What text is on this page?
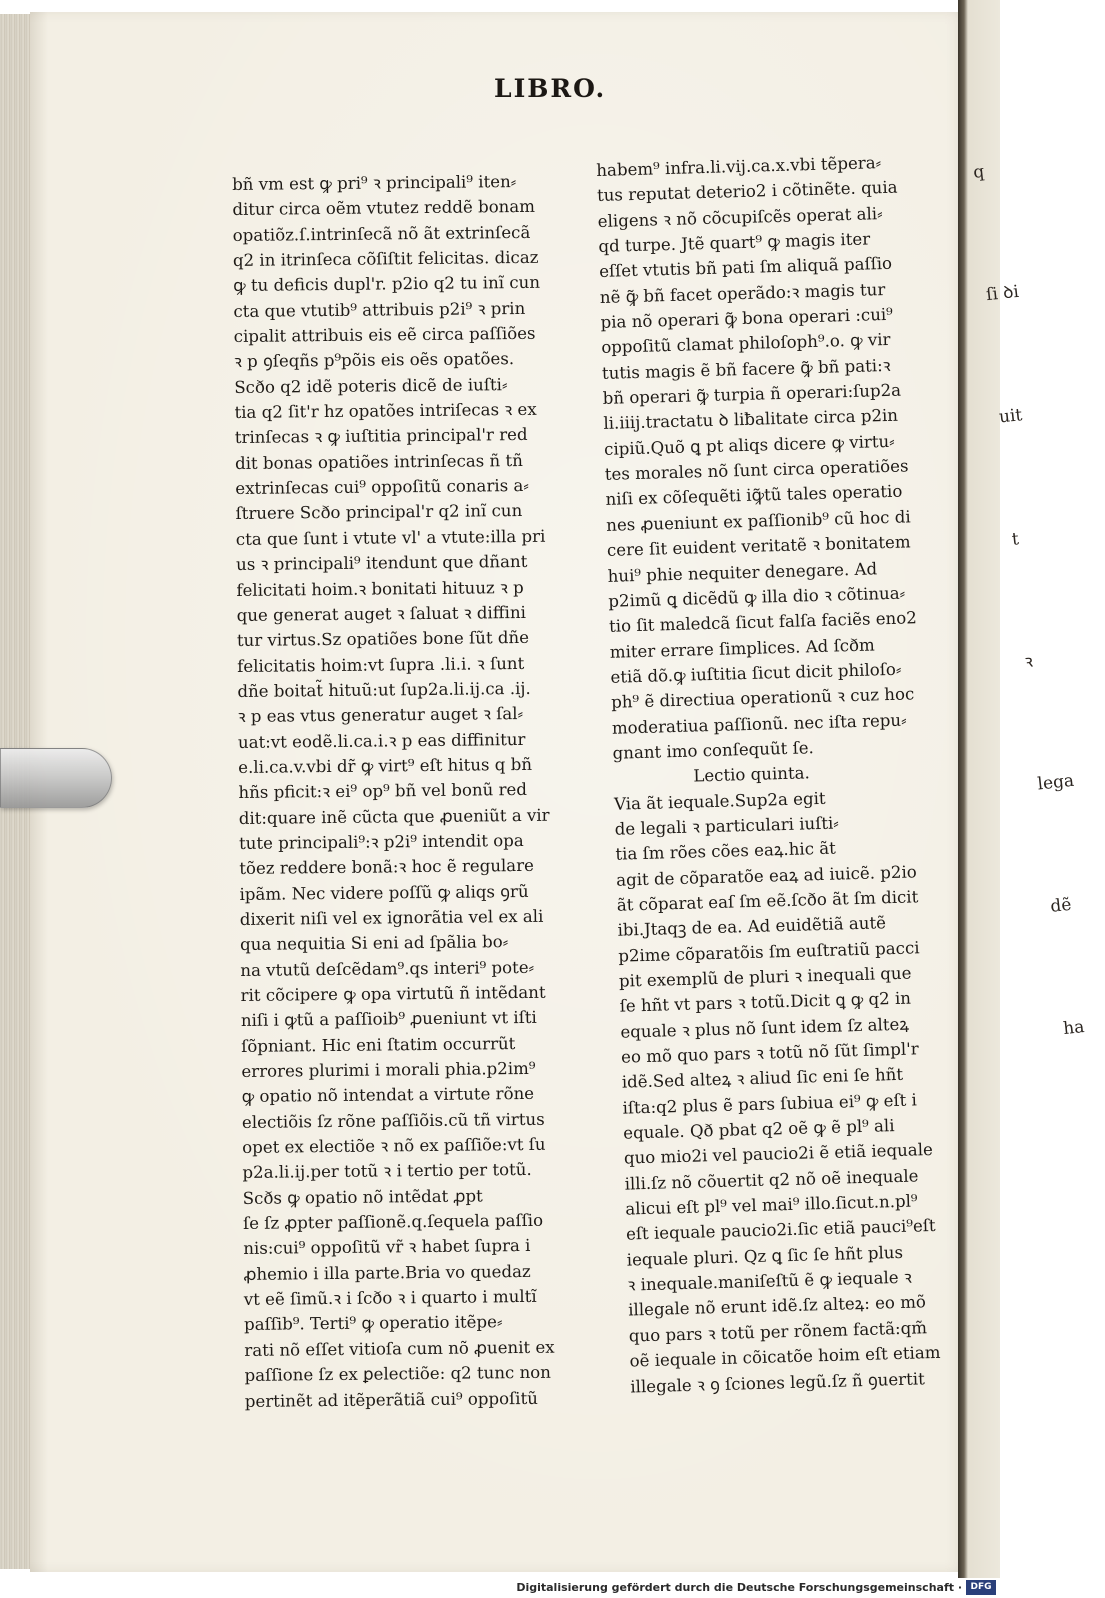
LIBRO.
bñ vm est ꝙ pri⁹ ꝛ principali⁹ iten⸗
ditur circa oẽm vtutez reddẽ bonam
opatiõz.ſ.intrinſecã nõ ãt extrinſecã
q2 in itrinſeca cõſiſtit felicitas. dicaz
ꝙ tu deficis dupl'r. p2io q2 tu inĩ cun
cta que vtutib⁹ attribuis p2i⁹ ꝛ prin
cipalit attribuis eis eẽ circa paſſiões
ꝛ p ꝯſeqñs p⁹põis eis oẽs opatões.
Scðo q2 idẽ poteris dicẽ de iuſti⸗
tia q2 ſit'r hz opatões intriſecas ꝛ ex
trinſecas ꝛ ꝙ iuſtitia principal'r red
dit bonas opatiões intrinſecas ñ tñ
extrinſecas cui⁹ oppoſitũ conaris a⸗
ſtruere Scðo principal'r q2 inĩ cun
cta que ſunt i vtute vl' a vtute:illa pri
us ꝛ principali⁹ itendunt que dñant
felicitati hoim.ꝛ bonitati hituuz ꝛ p
que generat auget ꝛ ſaluat ꝛ diffini
tur virtus.Sz opatiões bone ſũt dñe
felicitatis hoim:vt ſupra .li.i. ꝛ ſunt
dñe boitat̃ hituũ:ut ſup2a.li.ij.ca .ij.
ꝛ p eas vtus generatur auget ꝛ ſal⸗
uat:vt eodẽ.li.ca.i.ꝛ p eas diffinitur
e.li.ca.v.vbi dr̃ ꝙ virt⁹ eſt hitus q bñ
hñs pficit:ꝛ ei⁹ op⁹ bñ vel bonũ red
dit:quare inẽ cũcta que ꝓueniũt a vir
tute principali⁹:ꝛ p2i⁹ intendit opa
tõez reddere bonã:ꝛ hoc ẽ regulare
ipãm. Nec videre poſſũ ꝙ aliqs ꝯrũ
dixerit niſi vel ex ignorãtia vel ex ali
qua nequitia Si eni ad ſpãlia bo⸗
na vtutũ deſcẽdam⁹.qs interi⁹ pote⸗
rit cõcipere ꝙ opa virtutũ ñ intẽdant
niſi i ꝙtũ a paſſioib⁹ ꝓueniunt vt iſti
ſõpniant. Hic eni ſtatim occurrũt
errores plurimi i morali phia.p2im⁹
ꝙ opatio nõ intendat a virtute rõne
electiõis ſz rõne paſſiõis.cũ tñ virtus
opet ex electiõe ꝛ nõ ex paſſiõe:vt ſu
p2a.li.ij.per totũ ꝛ i tertio per totũ.
Scðs ꝙ opatio nõ intẽdat ꝓpt
ſe ſz ꝓpter paſſionẽ.q.ſequela paſſio
nis:cui⁹ oppoſitũ vr̃ ꝛ habet ſupra i
ꝓhemio i illa parte.Bria vo quedaz
vt eẽ ſimũ.ꝛ i ſcðo ꝛ i quarto i multĩ
paſſib⁹. Terti⁹ ꝙ operatio itẽpe⸗
rati nõ eſſet vitioſa cum nõ ꝓuenit ex
paſſione ſz ex ꝑelectiõe: q2 tunc non
pertinẽt ad itẽperãtiã cui⁹ oppoſitũ
habem⁹ infra.li.vij.ca.x.vbi tẽpera⸗
tus reputat deterio2 i cõtinẽte. quia
eligens ꝛ nõ cõcupiſcẽs operat ali⸗
qd turpe. Jtẽ quart⁹ ꝙ magis iter
eſſet vtutis bñ pati ſm aliquã paſſio
nẽ ꝙ̃ bñ facet operãdo:ꝛ magis tur
pia nõ operari ꝙ̃ bona operari :cui⁹
oppoſitũ clamat philoſoph⁹.o. ꝙ vir
tutis magis ẽ bñ facere ꝙ̃ bñ pati:ꝛ
bñ operari ꝙ̃ turpia ñ operari:ſup2a
li.iiij.tractatu ꝺ liƀalitate circa p2in
cipiũ.Quõ ꝗ pt aliqs dicere ꝙ virtu⸗
tes morales nõ ſunt circa operatiões
niſi ex cõſequẽti iꝙ̃tũ tales operatio
nes ꝓueniunt ex paſſionib⁹ cũ hoc di
cere ſit euident veritatẽ ꝛ bonitatem
hui⁹ phie nequiter denegare. Ad
p2imũ ꝗ dicẽdũ ꝙ illa dio ꝛ cõtinua⸗
tio ſit maledcã ſicut falſa faciẽs eno2
miter errare ſimplices. Ad ſcðm
etiã dõ.ꝙ iuſtitia ſicut dicit philoſo⸗
ph⁹ ẽ directiua operationũ ꝛ cuz hoc
moderatiua paſſionũ. nec iſta repu⸗
gnant imo conſequũt ſe.
Lectio quinta.
Via ãt iequale.Sup2a egit
de legali ꝛ particulari iuſti⸗
tia ſm rões cões eaꝝ.hic ãt
agit de cõparatõe eaꝝ ad iuicẽ. p2io
ãt cõparat eaſ ſm eẽ.ſcðo ãt ſm dicit
ibi.Jtaqꝫ de ea. Ad euidẽtiã autẽ
p2ime cõparatõis ſm euſtratiũ pacci
pit exemplũ de pluri ꝛ inequali que
ſe hñt vt pars ꝛ totũ.Dicit ꝗ ꝙ q2 in
equale ꝛ plus nõ ſunt idem ſz alteꝝ
eo mõ quo pars ꝛ totũ nõ ſũt ſimpl'r
idẽ.Sed alteꝝ ꝛ aliud ſic eni ſe hñt
iſta:q2 plus ẽ pars ſubiua ei⁹ ꝙ eſt i
equale. Qð pbat q2 oẽ ꝙ ẽ pl⁹ ali
quo mio2i vel paucio2i ẽ etiã iequale
illi.ſz nõ cõuertit q2 nõ oẽ inequale
alicui eſt pl⁹ vel mai⁹ illo.ſicut.n.pl⁹
eſt iequale paucio2i.ſic etiã pauci⁹eſt
iequale pluri. Qz ꝗ ſic ſe hñt plus
ꝛ inequale.maniſeſtũ ẽ ꝙ iequale ꝛ
illegale nõ erunt idẽ.ſz alteꝝ: eo mõ
quo pars ꝛ totũ per rõnem factã:qm̃
oẽ iequale in cõicatõe hoim eſt etiam
illegale ꝛ ꝯ ſciones legũ.ſz ñ ꝯuertit
q
ſi ꝺi
uit
t
ꝛ
lega
dẽ
ha
Digitalisierung gefördert durch die Deutsche Forschungsgemeinschaft · DFG
